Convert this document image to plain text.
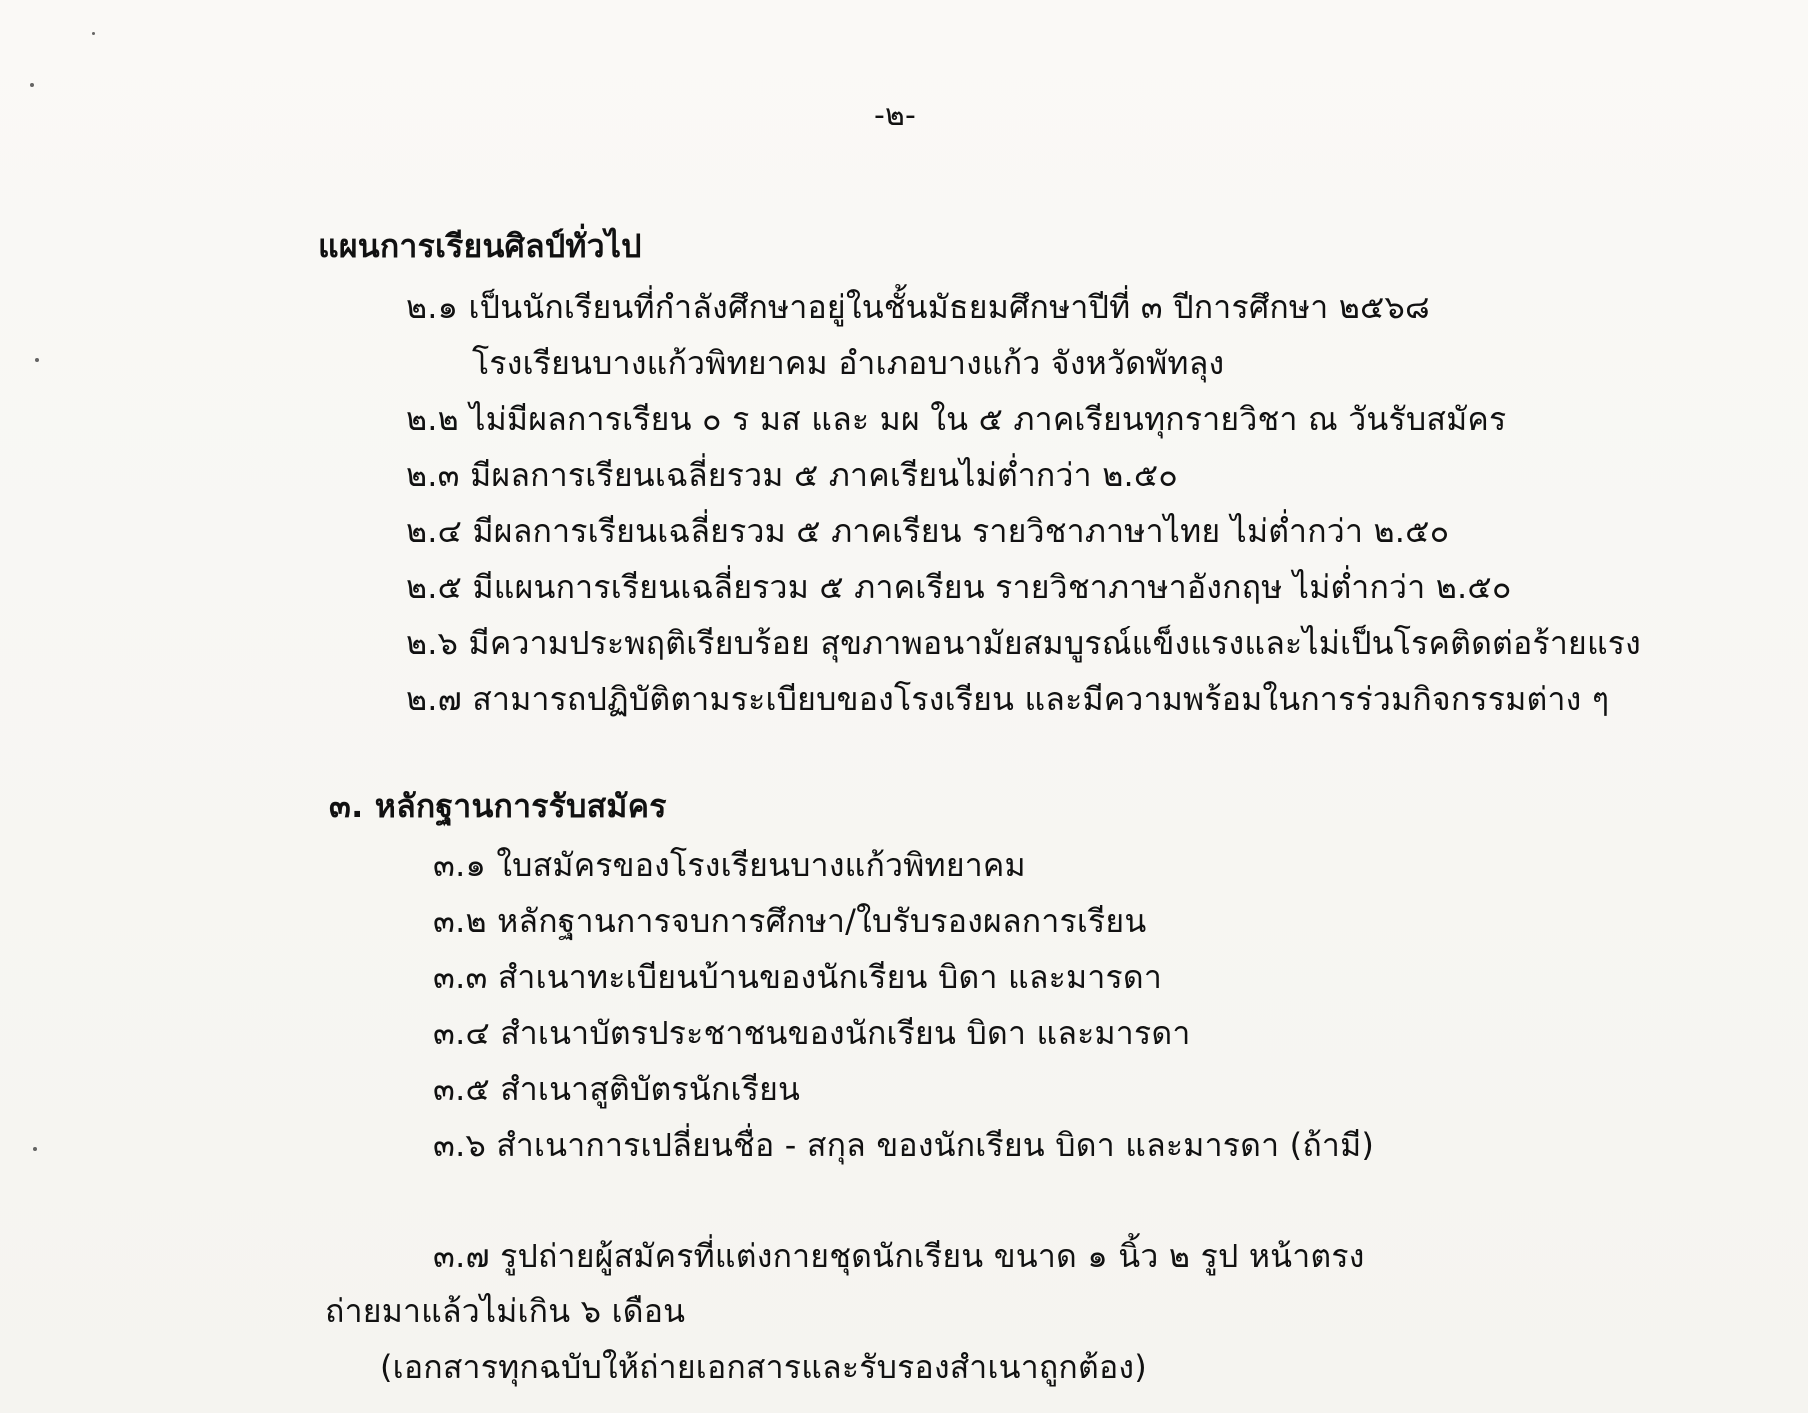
-๒-
แผนการเรียนศิลป์ทั่วไป
๒.๑ เป็นนักเรียนที่กำลังศึกษาอยู่ในชั้นมัธยมศึกษาปีที่ ๓ ปีการศึกษา ๒๕๖๘
โรงเรียนบางแก้วพิทยาคม อำเภอบางแก้ว จังหวัดพัทลุง
๒.๒ ไม่มีผลการเรียน ๐ ร มส และ มผ ใน ๕ ภาคเรียนทุกรายวิชา ณ วันรับสมัคร
๒.๓ มีผลการเรียนเฉลี่ยรวม ๕ ภาคเรียนไม่ต่ำกว่า ๒.๕๐
๒.๔ มีผลการเรียนเฉลี่ยรวม ๕ ภาคเรียน รายวิชาภาษาไทย ไม่ต่ำกว่า ๒.๕๐
๒.๕ มีแผนการเรียนเฉลี่ยรวม ๕ ภาคเรียน รายวิชาภาษาอังกฤษ ไม่ต่ำกว่า ๒.๕๐
๒.๖ มีความประพฤติเรียบร้อย สุขภาพอนามัยสมบูรณ์แข็งแรงและไม่เป็นโรคติดต่อร้ายแรง
๒.๗ สามารถปฏิบัติตามระเบียบของโรงเรียน และมีความพร้อมในการร่วมกิจกรรมต่าง ๆ
๓. หลักฐานการรับสมัคร
๓.๑ ใบสมัครของโรงเรียนบางแก้วพิทยาคม
๓.๒ หลักฐานการจบการศึกษา/ใบรับรองผลการเรียน
๓.๓ สำเนาทะเบียนบ้านของนักเรียน บิดา และมารดา
๓.๔ สำเนาบัตรประชาชนของนักเรียน บิดา และมารดา
๓.๕ สำเนาสูติบัตรนักเรียน
๓.๖ สำเนาการเปลี่ยนชื่อ - สกุล ของนักเรียน บิดา และมารดา (ถ้ามี)
๓.๗ รูปถ่ายผู้สมัครที่แต่งกายชุดนักเรียน ขนาด ๑ นิ้ว ๒ รูป หน้าตรง
ถ่ายมาแล้วไม่เกิน ๖ เดือน
(เอกสารทุกฉบับให้ถ่ายเอกสารและรับรองสำเนาถูกต้อง)
